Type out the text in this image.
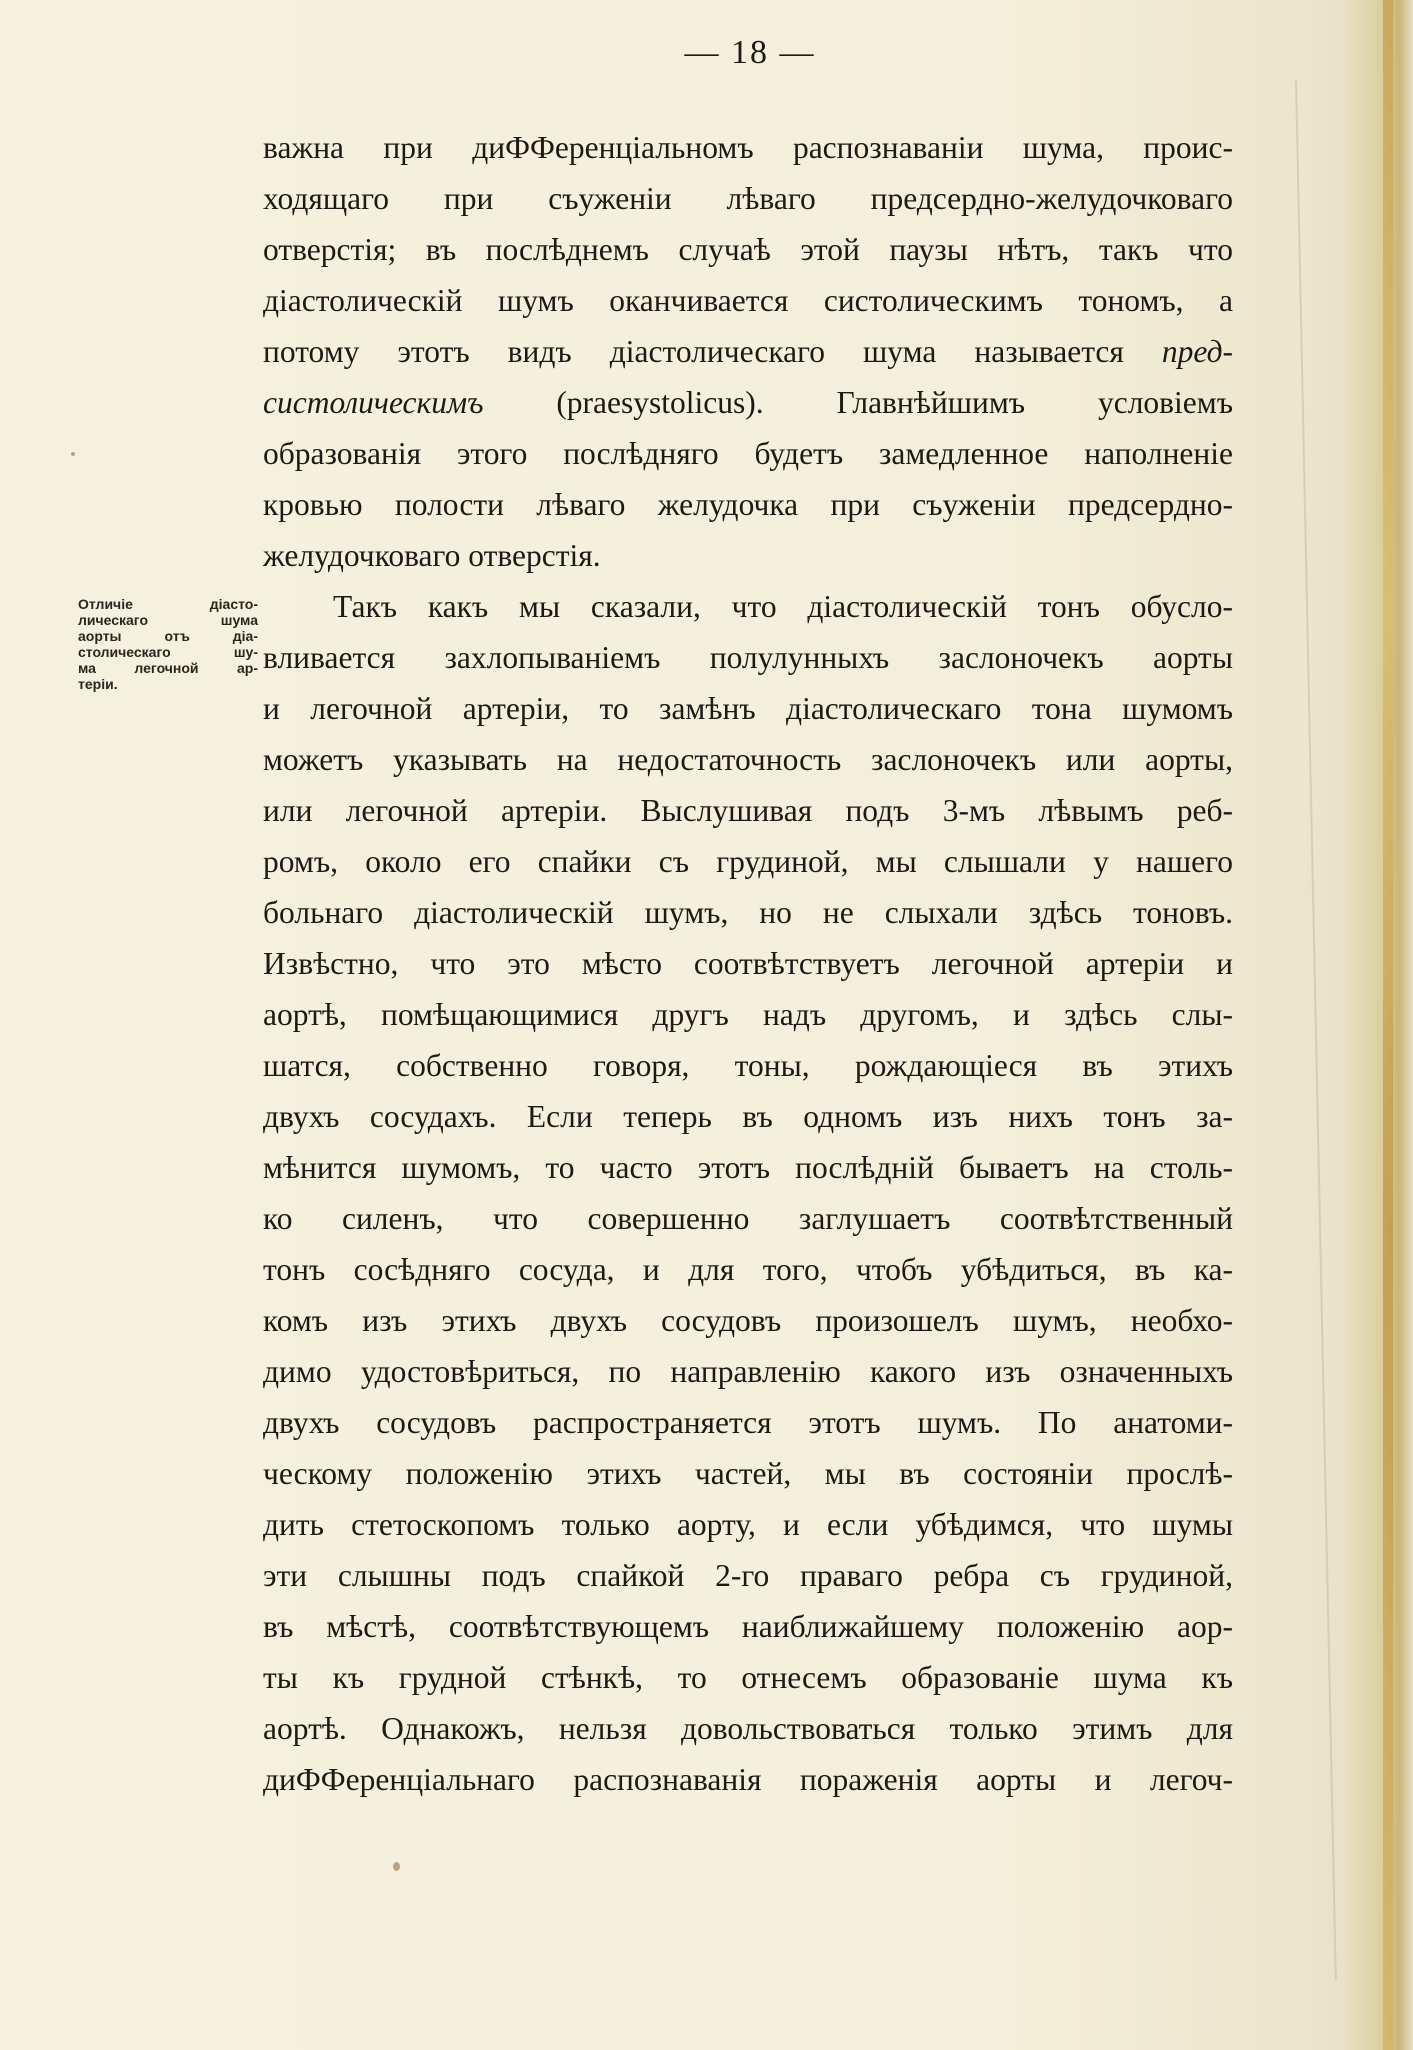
— 18 —
Отличiе дiасто-
лическаго шума
аорты отъ дiа-
столическаго шу-
ма легочной ар-
терiи.
важна при диФФеренцiальномъ распознаванiи шума, проис-
ходящаго при съуженiи лѣваго предсердно-желудочковаго
отверстiя; въ послѣднемъ случаѣ этой паузы нѣтъ, такъ что
дiастолическiй шумъ оканчивается систолическимъ тономъ, а
потому этотъ видъ дiастолическаго шума называется пред-
систолическимъ (praesystolicus). Главнѣйшимъ условiемъ
образованiя этого послѣдняго будетъ замедленное наполненiе
кровью полости лѣваго желудочка при съуженiи предсердно-
желудочковаго отверстiя.
Такъ какъ мы сказали, что дiастолическiй тонъ обусло-
вливается захлопыванiемъ полулунныхъ заслоночекъ аорты
и легочной артерiи, то замѣнъ дiастолическаго тона шумомъ
можетъ указывать на недостаточность заслоночекъ или аорты,
или легочной артерiи. Выслушивая подъ 3-мъ лѣвымъ реб-
ромъ, около его спайки съ грудиной, мы слышали у нашего
больнаго дiастолическiй шумъ, но не слыхали здѣсь тоновъ.
Извѣстно, что это мѣсто соотвѣтствуетъ легочной артерiи и
аортѣ, помѣщающимися другъ надъ другомъ, и здѣсь слы-
шатся, собственно говоря, тоны, рождающiеся въ этихъ
двухъ сосудахъ. Если теперь въ одномъ изъ нихъ тонъ за-
мѣнится шумомъ, то часто этотъ послѣднiй бываетъ на столь-
ко силенъ, что совершенно заглушаетъ соотвѣтственный
тонъ сосѣдняго сосуда, и для того, чтобъ убѣдиться, въ ка-
комъ изъ этихъ двухъ сосудовъ произошелъ шумъ, необхо-
димо удостовѣриться, по направленiю какого изъ означенныхъ
двухъ сосудовъ распространяется этотъ шумъ. По анатоми-
ческому положенiю этихъ частей, мы въ состоянiи прослѣ-
дить стетоскопомъ только аорту, и если убѣдимся, что шумы
эти слышны подъ спайкой 2-го праваго ребра съ грудиной,
въ мѣстѣ, соотвѣтствующемъ наиближайшему положенiю аор-
ты къ грудной стѣнкѣ, то отнесемъ образованiе шума къ
аортѣ. Однакожъ, нельзя довольствоваться только этимъ для
диФФеренцiальнаго распознаванiя пораженiя аорты и легоч-
